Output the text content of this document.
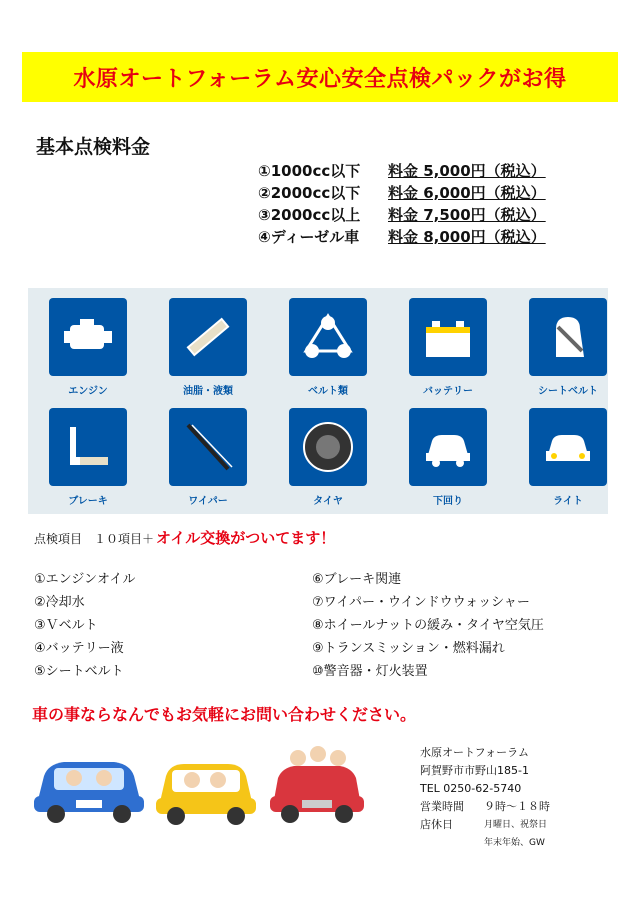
水原オートフォーラム安心安全点検パックがお得
基本点検料金
①1000cc以下	料金 5,000円（税込）
②2000cc以下	料金 6,000円（税込）
③2000cc以上	料金 7,500円（税込）
④ディーゼル車	料金 8,000円（税込）
エンジン	油脂・液類	ベルト類	バッテリー	シートベルト
ブレーキ	ワイパー	タイヤ	下回り	ライト
点検項目　１０項目＋ オイル交換がついてます！
①エンジンオイル
②冷却水
③Ｖベルト
④バッテリー液
⑤シートベルト
⑥ブレーキ関連
⑦ワイパー・ウインドウウォッシャー
⑧ホイールナットの緩み・タイヤ空気圧
⑨トランスミッション・燃料漏れ
⑩警音器・灯火装置
車の事ならなんでもお気軽にお問い合わせください。
水原オートフォーラム
阿賀野市市野山185-1
TEL 0250-62-5740
営業時間	９時～１８時
店休日	月曜日、祝祭日
年末年始、GW
